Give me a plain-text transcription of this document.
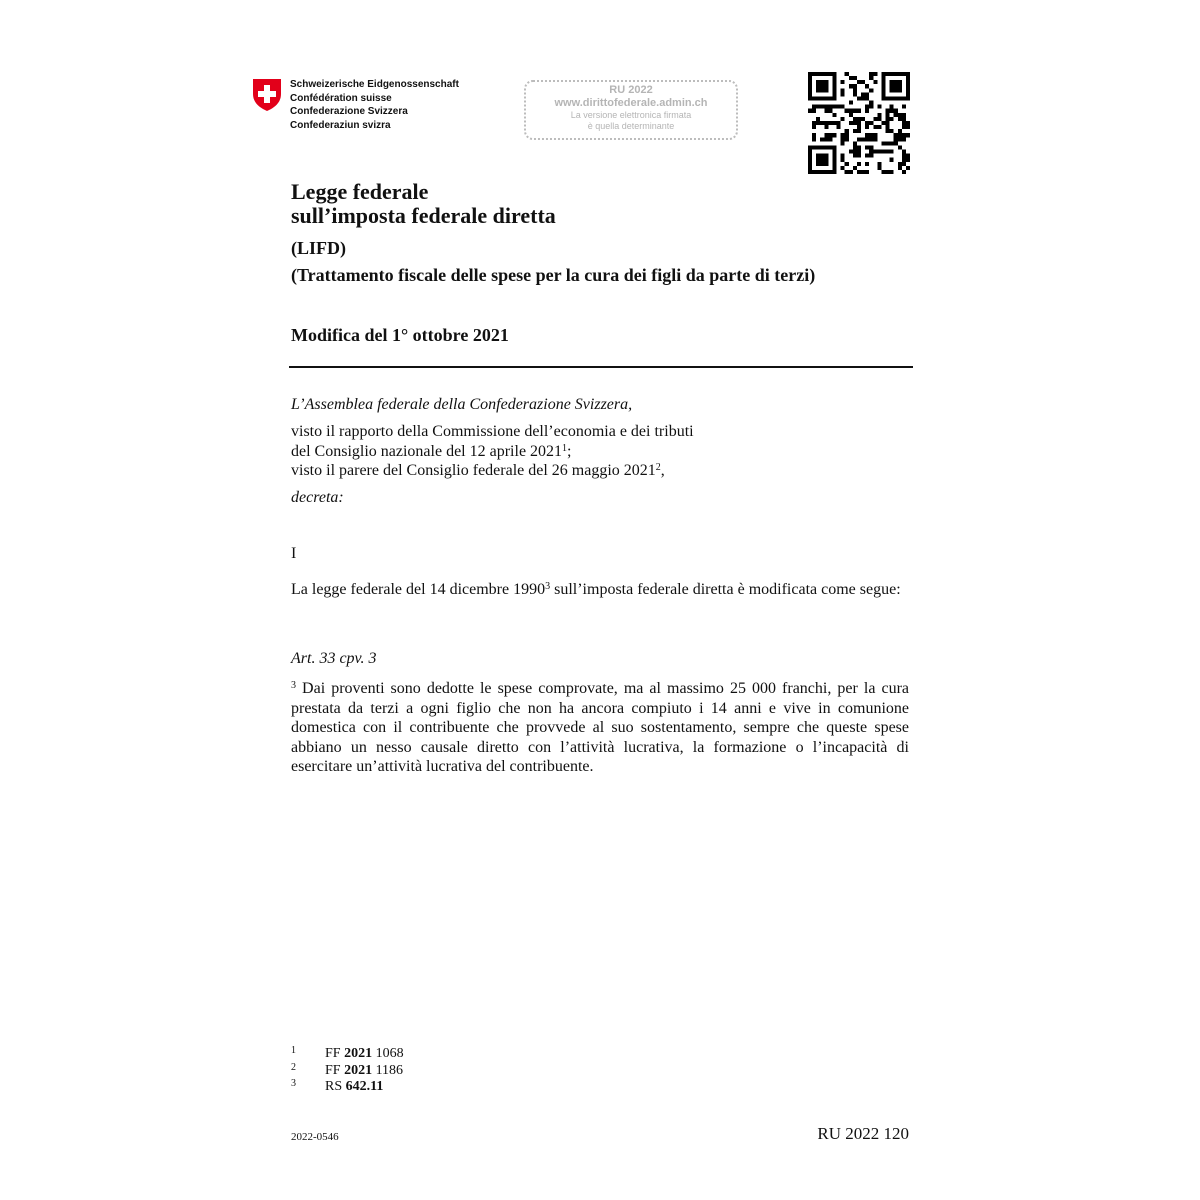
Schweizerische Eidgenossenschaft
Confédération suisse
Confederazione Svizzera
Confederaziun svizra
RU 2022
www.dirittofederale.admin.ch
La versione elettronica firmata
è quella determinante
Legge federale
sull’imposta federale diretta
(LIFD)
(Trattamento fiscale delle spese per la cura dei figli da parte di terzi)
Modifica del 1° ottobre 2021
L’Assemblea federale della Confederazione Svizzera,
visto il rapporto della Commissione dell’economia e dei tributi
del Consiglio nazionale del 12 aprile 2021$^1$;
visto il parere del Consiglio federale del 26 maggio 2021$^2$,
decreta:
I
La legge federale del 14 dicembre 1990$^3$ sull’imposta federale diretta è modificata come segue:
Art. 33 cpv. 3
$^3$ Dai proventi sono dedotte le spese comprovate, ma al massimo 25 000 franchi, per la cura prestata da terzi a ogni figlio che non ha ancora compiuto i 14 anni e vive in comunione domestica con il contribuente che provvede al suo sostentamento, sempre che queste spese abbiano un nesso causale diretto con l’attività lucrativa, la formazione o l’incapacità di esercitare un’attività lucrativa del contribuente.
1	FF 2021 1068
2	FF 2021 1186
3	RS 642.11
2022-0546	RU 2022 120
